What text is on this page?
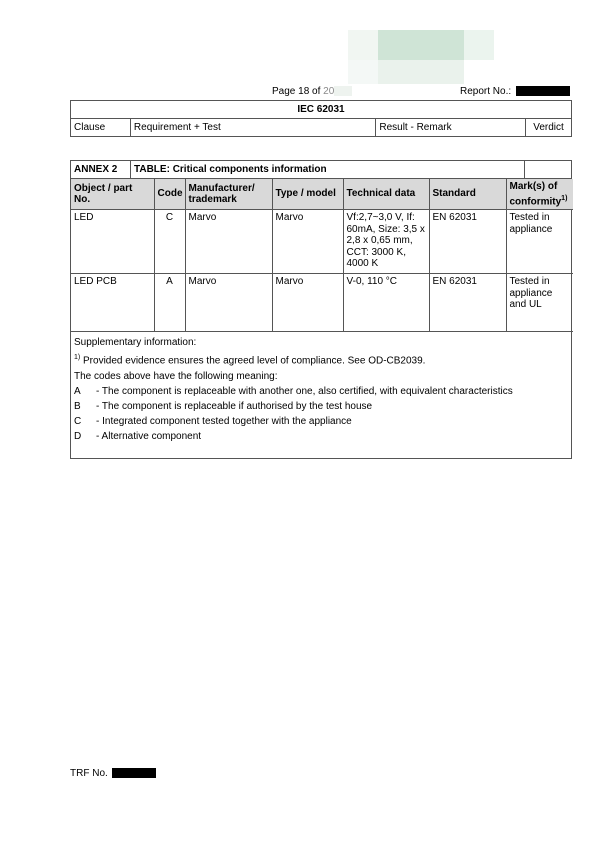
Page 18 of 20	Report No.:
IEC 62031
Clause	Requirement + Test	Result - Remark	Verdict
ANNEX 2	TABLE: Critical components information
Object / part No.	Code	Manufacturer/ trademark	Type / model	Technical data	Standard	Mark(s) of conformity$^{1)}$
LED	C	Marvo	Marvo	Vf:2,7~3,0 V, If: 60mA, Size: 3,5 x 2,8 x 0,65 mm, CCT: 3000 K, 4000 K	EN 62031	Tested in appliance
LED PCB	A	Marvo	Marvo	V-0, 110 °C	EN 62031	Tested in appliance and UL
Supplementary information:
$^{1)}$ Provided evidence ensures the agreed level of compliance. See OD-CB2039.
The codes above have the following meaning:
A	- The component is replaceable with another one, also certified, with equivalent characteristics
B	- The component is replaceable if authorised by the test house
C	- Integrated component tested together with the appliance
D	- Alternative component
TRF No.
